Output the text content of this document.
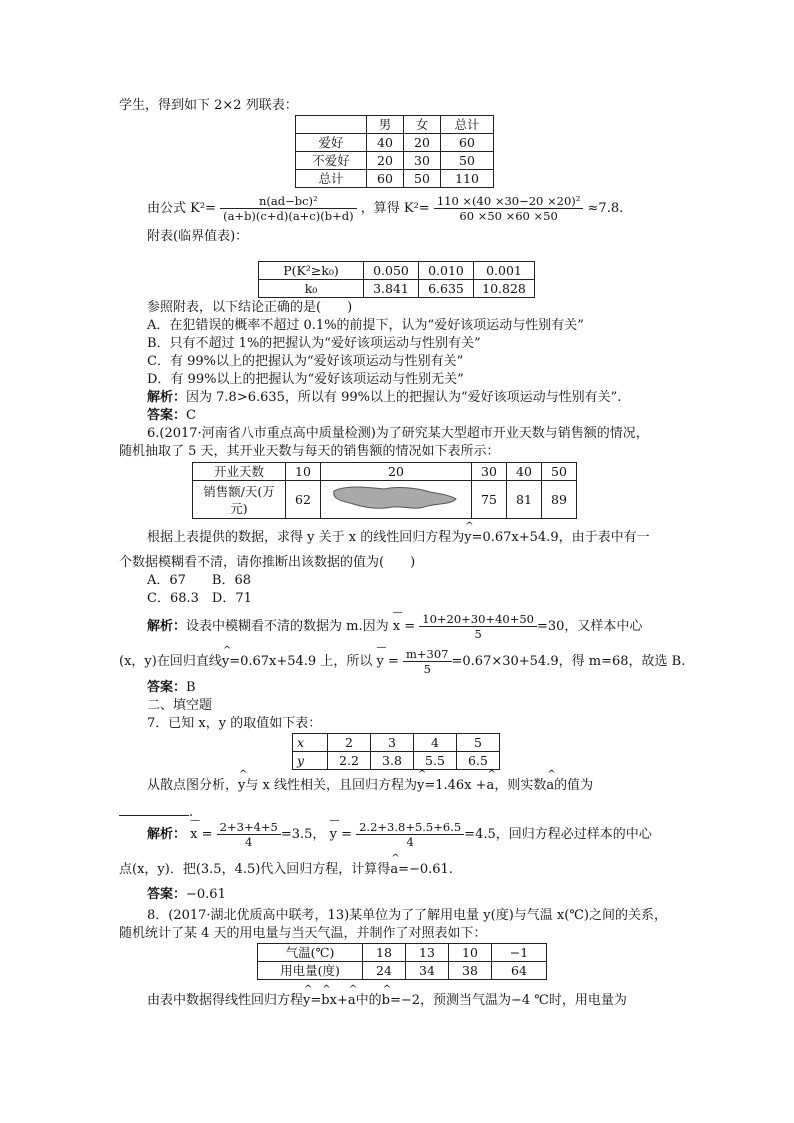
学生，得到如下 2×2 列联表：
	男	女	总计
爱好	40	20	60
不爱好	20	30	50
总计	60	50	110
由公式 $K^2= \frac{\text{n(ad−bc)²}}{(a+b)(c+d)(a+c)(b+d)}$ ，算得 $K^2= \frac{\text{110 ×(40 ×30−20 ×20)²}}{60 \times 50 \times 60 \times 50} \approx 7.8$.
附表(临界值表)：
P(K²≥k₀)	0.050	0.010	0.001
k₀	3.841	6.635	10.828
参照附表，以下结论正确的是(　　)
A．在犯错误的概率不超过 0.1%的前提下，认为“爱好该项运动与性别有关”
B．只有不超过 1%的把握认为“爱好该项运动与性别有关”
C．有 99%以上的把握认为“爱好该项运动与性别有关”
D．有 99%以上的把握认为“爱好该项运动与性别无关”
解析：因为 7.8>6.635，所以有 99%以上的把握认为“爱好该项运动与性别有关”.
答案：C
6.(2017·河南省八市重点高中质量检测)为了研究某大型超市开业天数与销售额的情况，
随机抽取了 5 天，其开业天数与每天的销售额的情况如下表所示：
开业天数	10	20	30	40	50
销售额/天(万元)	62		75	81	89
根据上表提供的数据，求得 y 关于 x 的线性回归方程为^ y=0.67x+54.9，由于表中有一
个数据模糊看不清，请你推断出该数据的值为(　　)
A．67　　B．68
C．68.3　D．71
解析：设表中模糊看不清的数据为 m.因为 — $x = \frac{10+20+30+40+50}{5} =30$，又样本中心
(x，y)在回归直线^ y=0.67x+54.9 上，所以 — $y = \frac{m+307}{5} =0.67\times 30+54.9$，得 m=68，故选 B.
答案：B
二、填空题
7．已知 x，y 的取值如下表：
x	2	3	4	5
y	2.2	3.8	5.5	6.5
从散点图分析，^ y与 x 线性相关，且回归方程为^ y=1.46x +^ a，则实数^ a的值为
.
解析： — $x = \frac{2+3+4+5}{4} =3.5$， — $y = \frac{2.2+3.8+5.5+6.5}{4} =4.5$，回归方程必过样本的中心
点(x，y)．把(3.5，4.5)代入回归方程，计算得^ a=−0.61.
答案：−0.61
8．(2017·湖北优质高中联考，13)某单位为了了解用电量 y(度)与气温 x(℃)之间的关系，
随机统计了某 4 天的用电量与当天气温，并制作了对照表如下：
气温(℃)	18	13	10	−1
用电量(度)	24	34	38	64
由表中数据得线性回归方程^ y=^ bx+^ a中的^ b=−2，预测当气温为−4 ℃时，用电量为
